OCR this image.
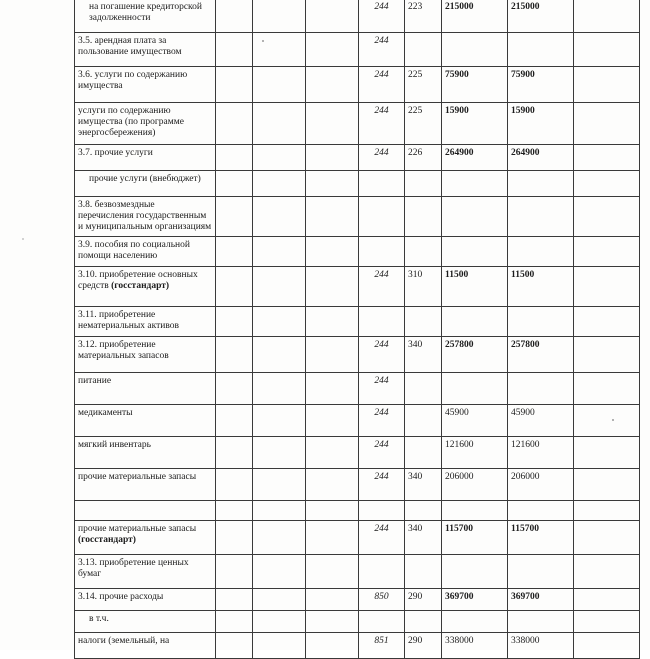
на погашение кредиторской задолженности				244	223	215000	215000	
3.5. арендная плата за пользование имуществом				244				
3.6. услуги по содержанию имущества				244	225	75900	75900	
услуги по содержанию имущества (по программе энергосбережения)				244	225	15900	15900	
3.7. прочие услуги				244	226	264900	264900	
прочие услуги (внебюджет)								
3.8. безвозмездные перечисления государственным и муниципальным организациям								
3.9. пособия по социальной помощи населению								
3.10. приобретение основных средств (госстандарт)				244	310	11500	11500	
3.11. приобретение нематериальных активов								
3.12. приобретение материальных запасов				244	340	257800	257800	
питание				244				
медикаменты				244		45900	45900	
мягкий инвентарь				244		121600	121600	
прочие материальные запасы				244	340	206000	206000	

прочие материальные запасы (госстандарт)				244	340	115700	115700	
3.13. приобретение ценных бумаг								
3.14. прочие расходы				850	290	369700	369700	
в т.ч.								
налоги (земельный, на				851	290	338000	338000	
